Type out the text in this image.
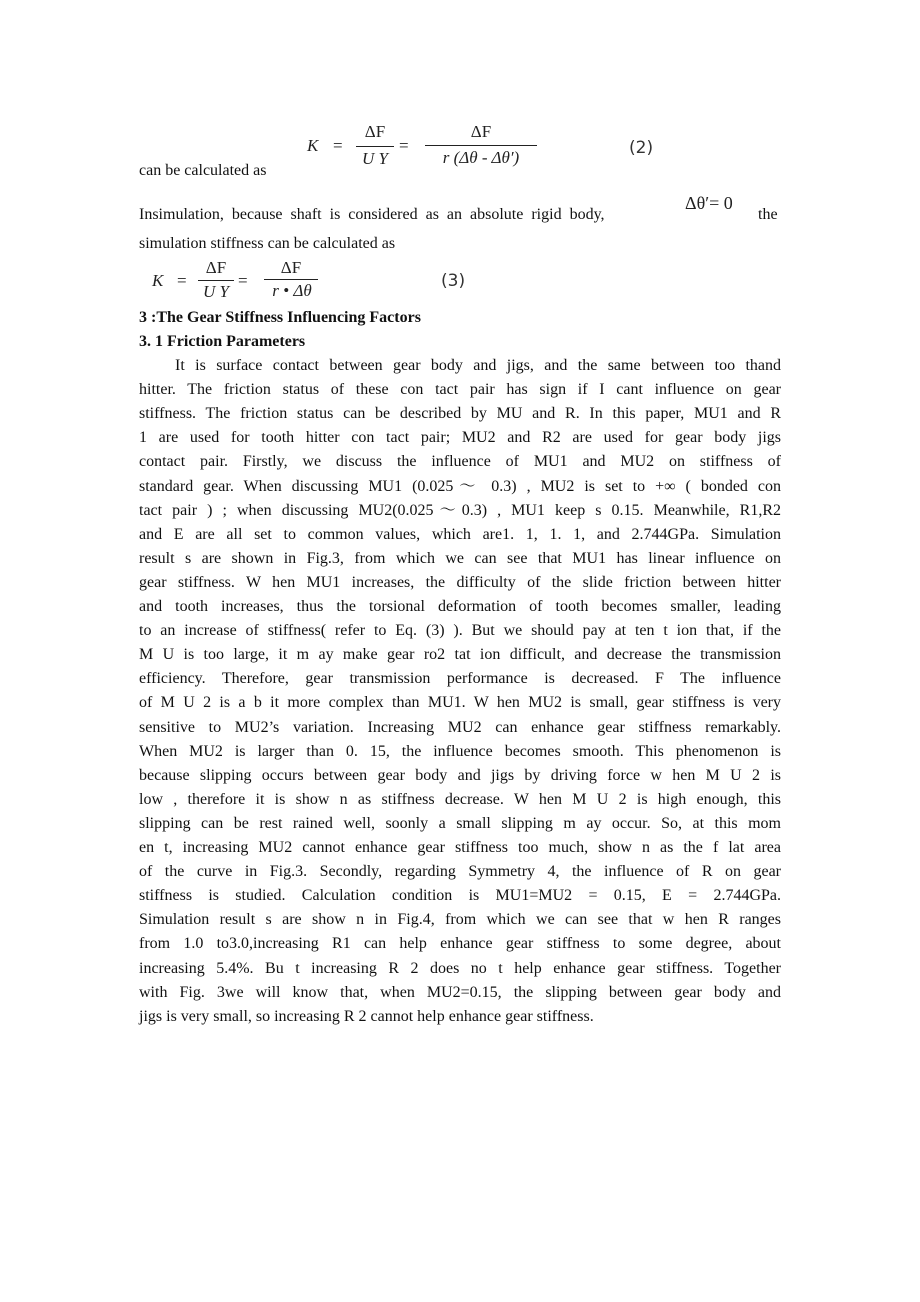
K =
ΔF
U Y
=
ΔF
r (Δθ - Δθ′)	(2)
can be calculated as
Insimulation,  because  shaft  is  considered  as  an  absolute  rigid  body,
Δθ′= 0
the
simulation stiffness can be calculated as
K =
ΔF
U Y
=
ΔF
r • Δθ	(3)
3 :The Gear Stiffness Influencing Factors
3. 1 Friction Parameters
It is surface contact between gear body and jigs, and the same between too thand
hitter. The friction status of these con tact pair has sign if I cant influence on gear
stiffness. The friction status can be described by MU and R. In this paper, MU1 and R
1 are used for tooth hitter con tact pair; MU2 and R2 are used for gear body jigs
contact pair. Firstly, we discuss the influence of MU1 and MU2 on stiffness of
standard gear. When discussing MU1 (0.025～ 0.3) , MU2 is set to +∞ ( bonded con
tact pair ) ; when discussing MU2(0.025～0.3) , MU1 keep s 0.15. Meanwhile, R1,R2
and E are all set to common values, which are1. 1, 1. 1, and 2.744GPa. Simulation
result s are shown in Fig.3, from which we can see that MU1 has linear influence on
gear stiffness. W hen MU1 increases, the difficulty of the slide friction between hitter
and tooth increases, thus the torsional deformation of tooth becomes smaller, leading
to an increase of stiffness( refer to Eq. (3) ). But we should pay at ten t ion that, if the
M U is too large, it m ay make gear ro2 tat ion difficult, and decrease the transmission
efficiency. Therefore, gear transmission performance is decreased. F The influence
of M U 2 is a b it more complex than MU1. W hen MU2 is small, gear stiffness is very
sensitive to MU2’s variation. Increasing MU2 can enhance gear stiffness remarkably.
When MU2 is larger than 0. 15, the influence becomes smooth. This phenomenon is
because slipping occurs between gear body and jigs by driving force w hen M U 2 is
low , therefore it is show n as stiffness decrease. W hen M U 2 is high enough, this
slipping can be rest rained well, soonly a small slipping m ay occur. So, at this mom
en t, increasing MU2 cannot enhance gear stiffness too much, show n as the f lat area
of the curve in Fig.3. Secondly, regarding Symmetry 4, the influence of R on gear
stiffness is studied. Calculation condition is MU1=MU2 = 0.15, E = 2.744GPa.
Simulation result s are show n in Fig.4, from which we can see that w hen R ranges
from 1.0 to3.0,increasing R1 can help enhance gear stiffness to some degree, about
increasing 5.4%. Bu t increasing R 2 does no t help enhance gear stiffness. Together
with Fig. 3we will know that, when MU2=0.15, the slipping between gear body and
jigs is very small, so increasing R 2 cannot help enhance gear stiffness.
